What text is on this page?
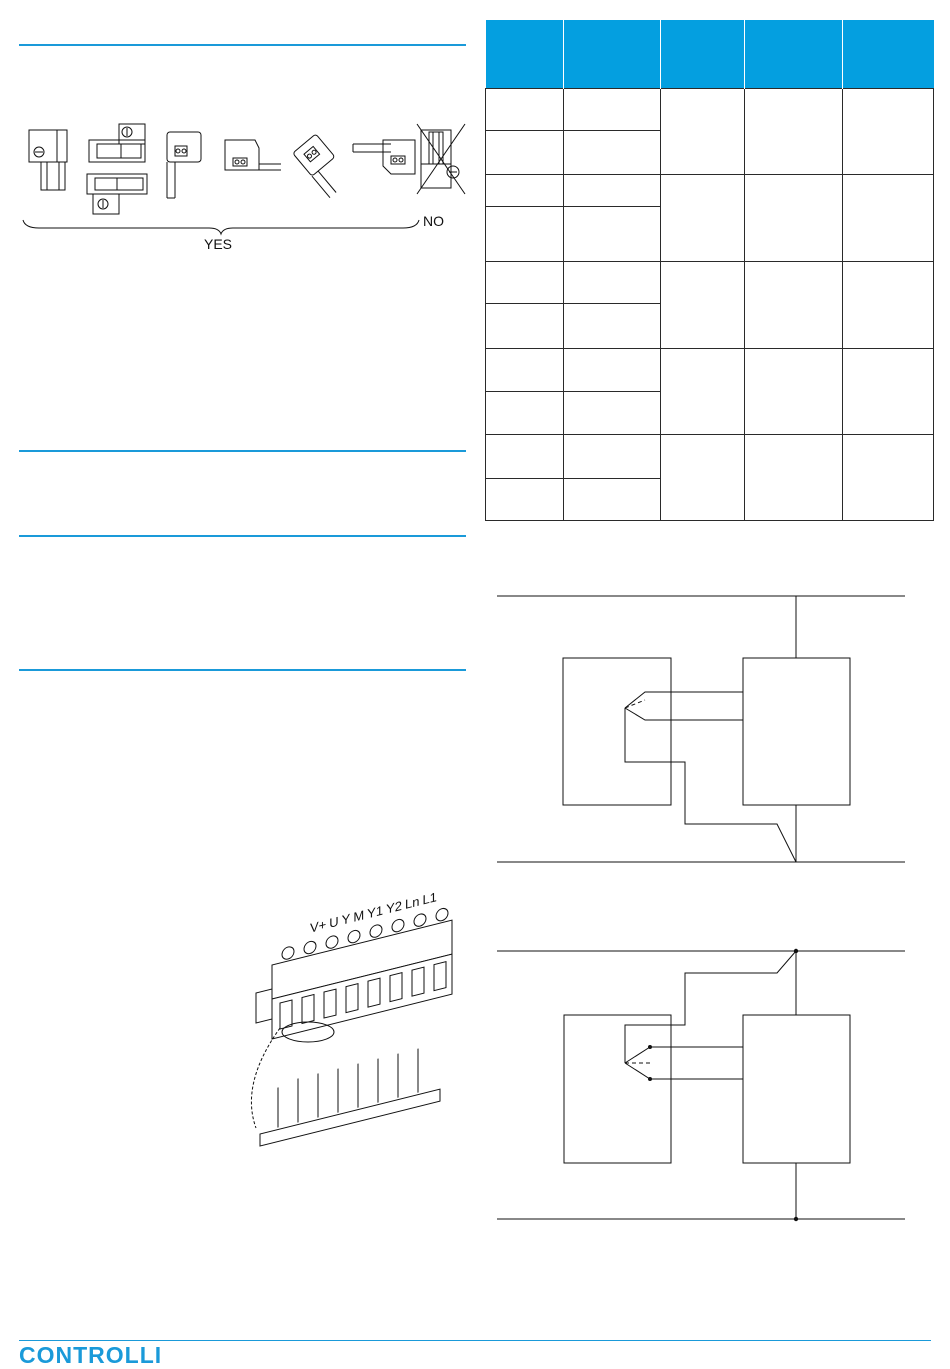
YES
NO
V+ U Y M Y1 Y2 Ln L1

CONTROLLI
